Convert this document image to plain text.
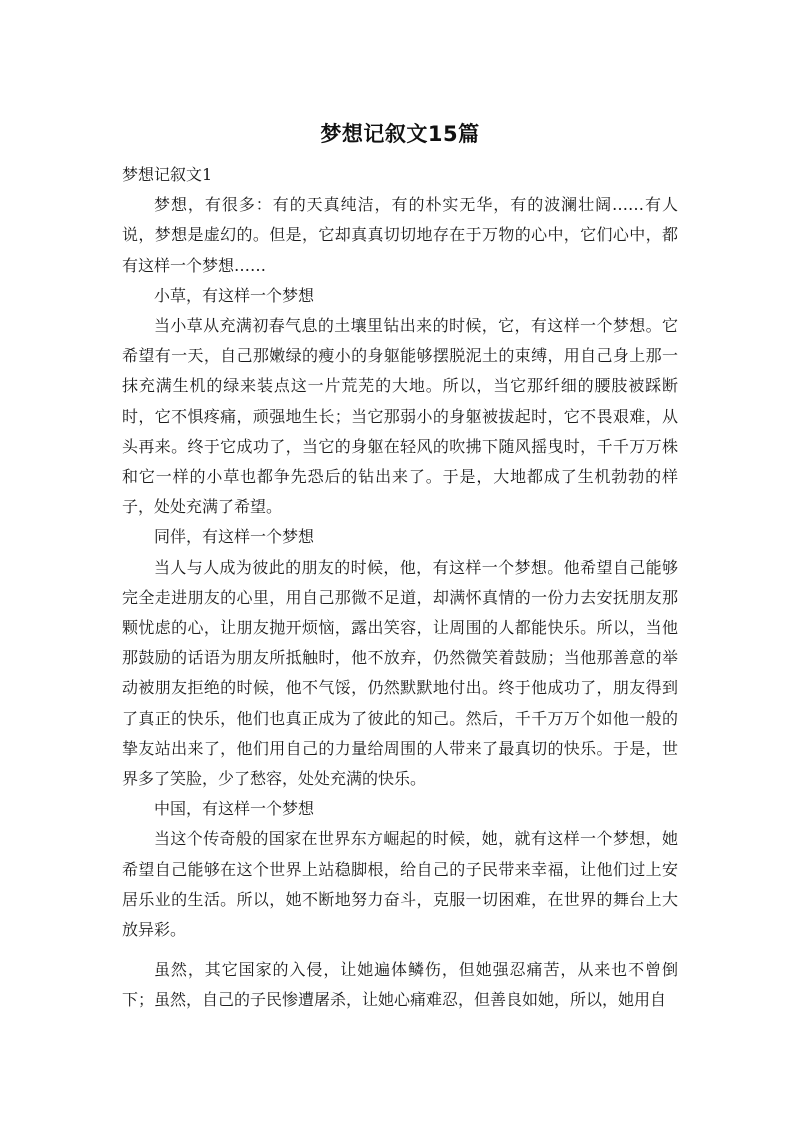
梦想记叙文15篇

梦想记叙文1

梦想，有很多：有的天真纯洁，有的朴实无华，有的波澜壮阔……有人说，梦想是虚幻的。但是，它却真真切切地存在于万物的心中，它们心中，都有这样一个梦想……

小草，有这样一个梦想

当小草从充满初春气息的土壤里钻出来的时候，它，有这样一个梦想。它希望有一天，自己那嫩绿的瘦小的身躯能够摆脱泥土的束缚，用自己身上那一抹充满生机的绿来装点这一片荒芜的大地。所以，当它那纤细的腰肢被踩断时，它不惧疼痛，顽强地生长；当它那弱小的身躯被拔起时，它不畏艰难，从头再来。终于它成功了，当它的身躯在轻风的吹拂下随风摇曳时，千千万万株和它一样的小草也都争先恐后的钻出来了。于是，大地都成了生机勃勃的样子，处处充满了希望。

同伴，有这样一个梦想

当人与人成为彼此的朋友的时候，他，有这样一个梦想。他希望自己能够完全走进朋友的心里，用自己那微不足道，却满怀真情的一份力去安抚朋友那颗忧虑的心，让朋友抛开烦恼，露出笑容，让周围的人都能快乐。所以，当他那鼓励的话语为朋友所抵触时，他不放弃，仍然微笑着鼓励；当他那善意的举动被朋友拒绝的时候，他不气馁，仍然默默地付出。终于他成功了，朋友得到了真正的快乐，他们也真正成为了彼此的知己。然后，千千万万个如他一般的挚友站出来了，他们用自己的力量给周围的人带来了最真切的快乐。于是，世界多了笑脸，少了愁容，处处充满的快乐。

中国，有这样一个梦想

当这个传奇般的国家在世界东方崛起的时候，她，就有这样一个梦想，她希望自己能够在这个世界上站稳脚根，给自己的子民带来幸福，让他们过上安居乐业的生活。所以，她不断地努力奋斗，克服一切困难，在世界的舞台上大放异彩。

虽然，其它国家的入侵，让她遍体鳞伤，但她强忍痛苦，从来也不曾倒下；虽然，自己的子民惨遭屠杀，让她心痛难忍，但善良如她，所以，她用自
